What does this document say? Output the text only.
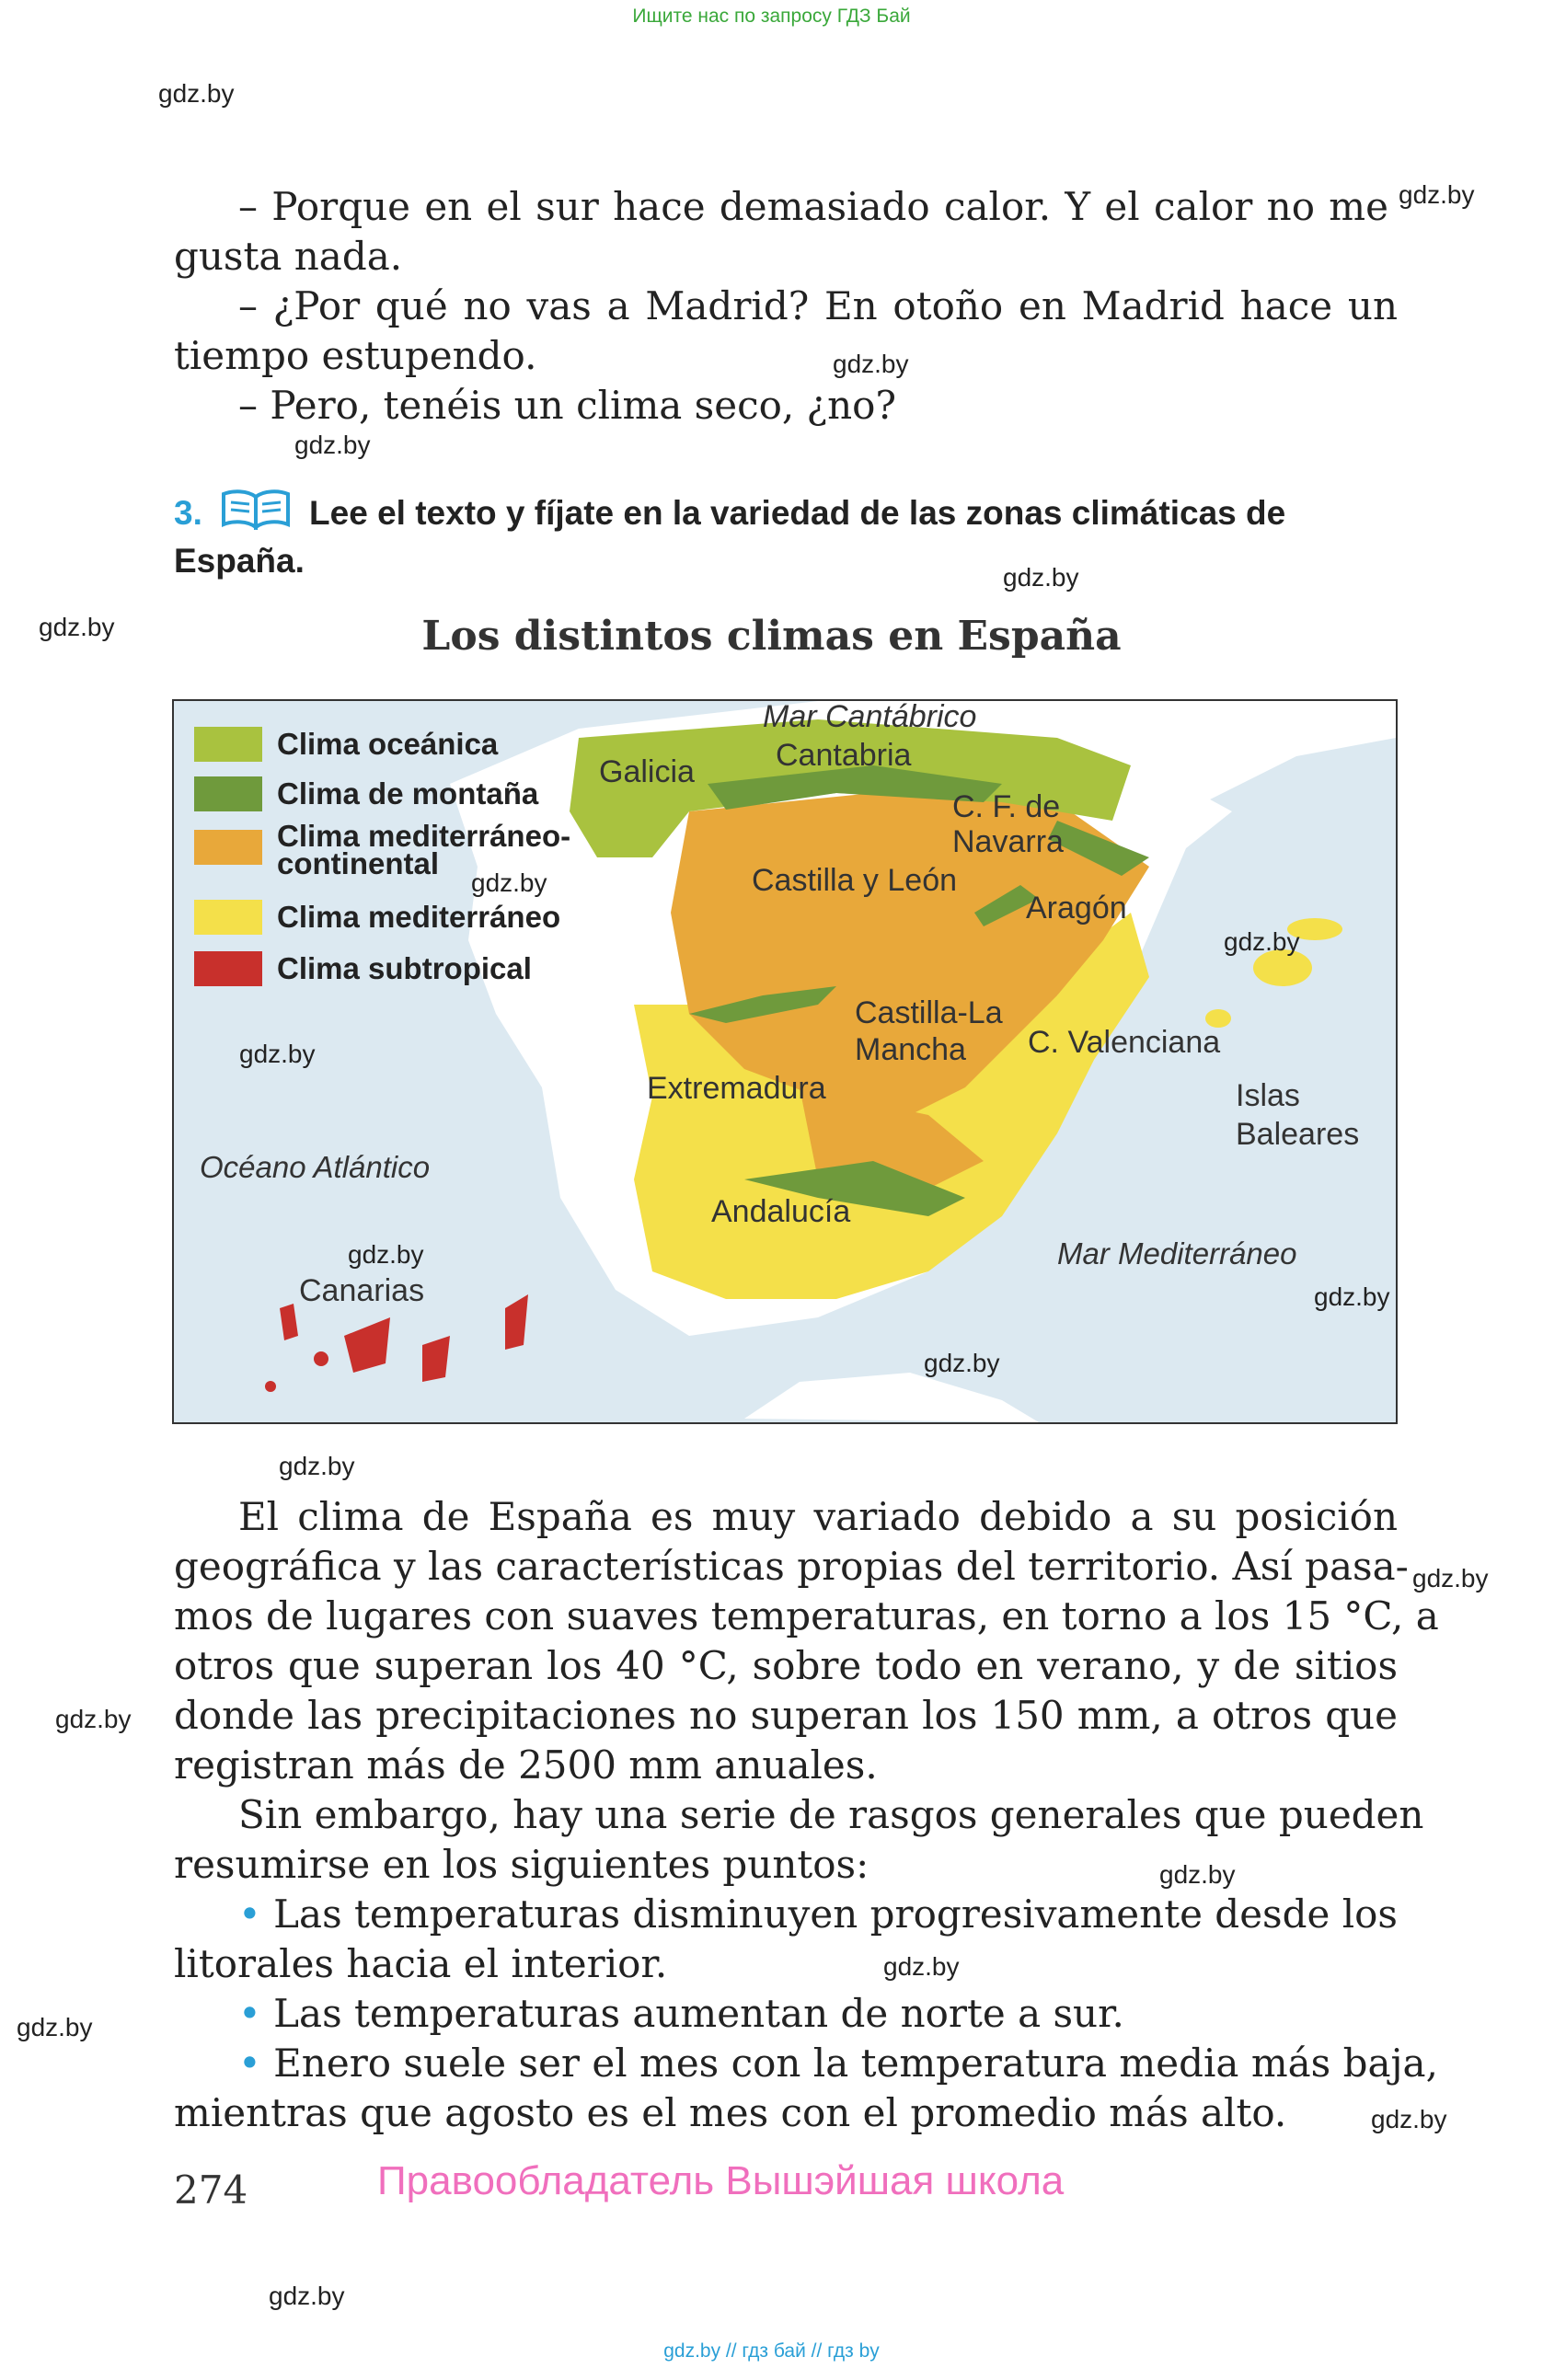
Ищите нас по запросу ГДЗ Бай
gdz.by
gdz.by
gdz.by
gdz.by
gdz.by
gdz.by
gdz.by
gdz.by
gdz.by
gdz.by
gdz.by
gdz.by
gdz.by
gdz.by
– Porque en el sur hace demasiado calor. Y el calor no me
gusta nada.
– ¿Por qué no vas a Madrid? En otoño en Madrid hace un
tiempo estupendo.
– Pero, tenéis un clima seco, ¿no?
3.	Lee el texto y fíjate en la variedad de las zonas climáticas de
España.
Los distintos climas en España
Clima oceánica
Clima de montaña
Clima mediterráneo-
continental
Clima mediterráneo
Clima subtropical
Mar Cantábrico
Océano Atlántico
Mar Mediterráneo
Galicia	Cantabria
C. F. de
Navarra
Castilla y León
Aragón
Castilla-La
Mancha C. Valenciana
Extremadura	Islas
Baleares
Andalucía
Canarias
gdz.by
gdz.by
gdz.by
gdz.by
gdz.by
gdz.by
El clima de España es muy variado debido a su posición
geográfica y las características propias del territorio. Así pasa-
mos de lugares con suaves temperaturas, en torno a los 15 °C, a
otros que superan los 40 °C, sobre todo en verano, y de sitios
donde las precipitaciones no superan los 150 mm, a otros que
registran más de 2500 mm anuales.
Sin embargo, hay una serie de rasgos generales que pueden
resumirse en los siguientes puntos:
• Las temperaturas disminuyen progresivamente desde los
litorales hacia el interior.
• Las temperaturas aumentan de norte a sur.
• Enero suele ser el mes con la temperatura media más baja,
mientras que agosto es el mes con el promedio más alto.
274	Правообладатель Вышэйшая школа
gdz.by // гдз бай // гдз by
